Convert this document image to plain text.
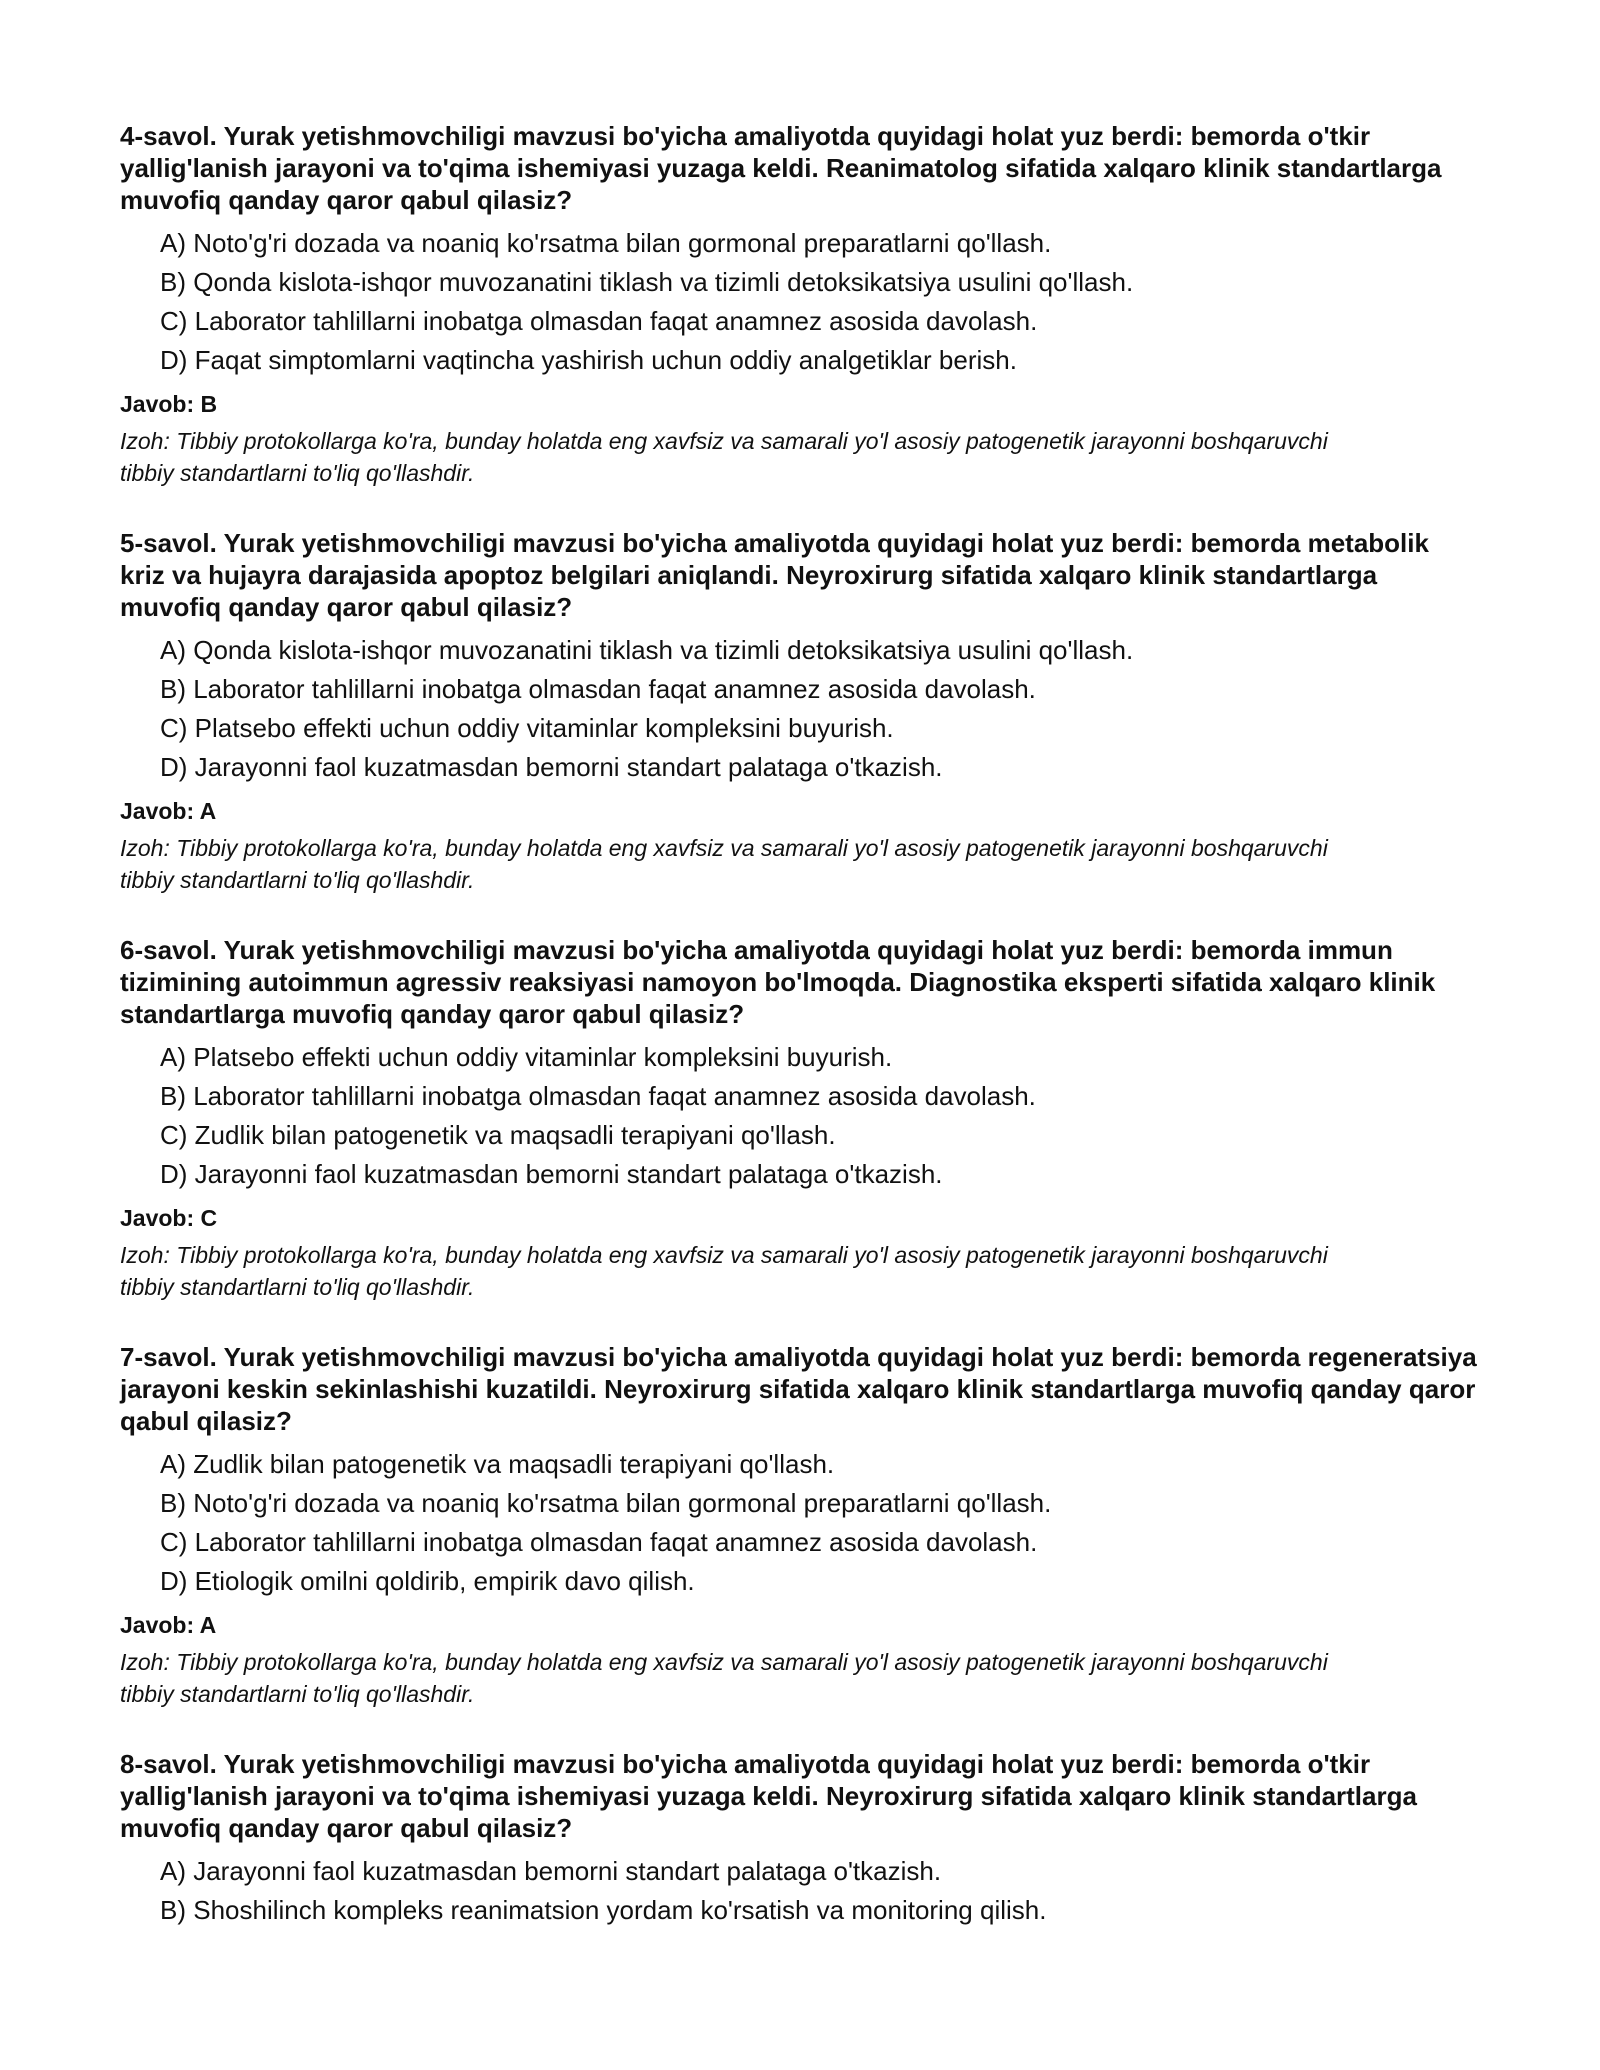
4-savol. Yurak yetishmovchiligi mavzusi bo'yicha amaliyotda quyidagi holat yuz berdi: bemorda o'tkir yallig'lanish jarayoni va to'qima ishemiyasi yuzaga keldi. Reanimatolog sifatida xalqaro klinik standartlarga muvofiq qanday qaror qabul qilasiz?
A) Noto'g'ri dozada va noaniq ko'rsatma bilan gormonal preparatlarni qo'llash.
B) Qonda kislota-ishqor muvozanatini tiklash va tizimli detoksikatsiya usulini qo'llash.
C) Laborator tahlillarni inobatga olmasdan faqat anamnez asosida davolash.
D) Faqat simptomlarni vaqtincha yashirish uchun oddiy analgetiklar berish.
Javob: B
Izoh: Tibbiy protokollarga ko'ra, bunday holatda eng xavfsiz va samarali yo'l asosiy patogenetik jarayonni boshqaruvchi tibbiy standartlarni to'liq qo'llashdir.
5-savol. Yurak yetishmovchiligi mavzusi bo'yicha amaliyotda quyidagi holat yuz berdi: bemorda metabolik kriz va hujayra darajasida apoptoz belgilari aniqlandi. Neyroxirurg sifatida xalqaro klinik standartlarga muvofiq qanday qaror qabul qilasiz?
A) Qonda kislota-ishqor muvozanatini tiklash va tizimli detoksikatsiya usulini qo'llash.
B) Laborator tahlillarni inobatga olmasdan faqat anamnez asosida davolash.
C) Platsebo effekti uchun oddiy vitaminlar kompleksini buyurish.
D) Jarayonni faol kuzatmasdan bemorni standart palataga o'tkazish.
Javob: A
Izoh: Tibbiy protokollarga ko'ra, bunday holatda eng xavfsiz va samarali yo'l asosiy patogenetik jarayonni boshqaruvchi tibbiy standartlarni to'liq qo'llashdir.
6-savol. Yurak yetishmovchiligi mavzusi bo'yicha amaliyotda quyidagi holat yuz berdi: bemorda immun tizimining autoimmun agressiv reaksiyasi namoyon bo'lmoqda. Diagnostika eksperti sifatida xalqaro klinik standartlarga muvofiq qanday qaror qabul qilasiz?
A) Platsebo effekti uchun oddiy vitaminlar kompleksini buyurish.
B) Laborator tahlillarni inobatga olmasdan faqat anamnez asosida davolash.
C) Zudlik bilan patogenetik va maqsadli terapiyani qo'llash.
D) Jarayonni faol kuzatmasdan bemorni standart palataga o'tkazish.
Javob: C
Izoh: Tibbiy protokollarga ko'ra, bunday holatda eng xavfsiz va samarali yo'l asosiy patogenetik jarayonni boshqaruvchi tibbiy standartlarni to'liq qo'llashdir.
7-savol. Yurak yetishmovchiligi mavzusi bo'yicha amaliyotda quyidagi holat yuz berdi: bemorda regeneratsiya jarayoni keskin sekinlashishi kuzatildi. Neyroxirurg sifatida xalqaro klinik standartlarga muvofiq qanday qaror qabul qilasiz?
A) Zudlik bilan patogenetik va maqsadli terapiyani qo'llash.
B) Noto'g'ri dozada va noaniq ko'rsatma bilan gormonal preparatlarni qo'llash.
C) Laborator tahlillarni inobatga olmasdan faqat anamnez asosida davolash.
D) Etiologik omilni qoldirib, empirik davo qilish.
Javob: A
Izoh: Tibbiy protokollarga ko'ra, bunday holatda eng xavfsiz va samarali yo'l asosiy patogenetik jarayonni boshqaruvchi tibbiy standartlarni to'liq qo'llashdir.
8-savol. Yurak yetishmovchiligi mavzusi bo'yicha amaliyotda quyidagi holat yuz berdi: bemorda o'tkir yallig'lanish jarayoni va to'qima ishemiyasi yuzaga keldi. Neyroxirurg sifatida xalqaro klinik standartlarga muvofiq qanday qaror qabul qilasiz?
A) Jarayonni faol kuzatmasdan bemorni standart palataga o'tkazish.
B) Shoshilinch kompleks reanimatsion yordam ko'rsatish va monitoring qilish.
